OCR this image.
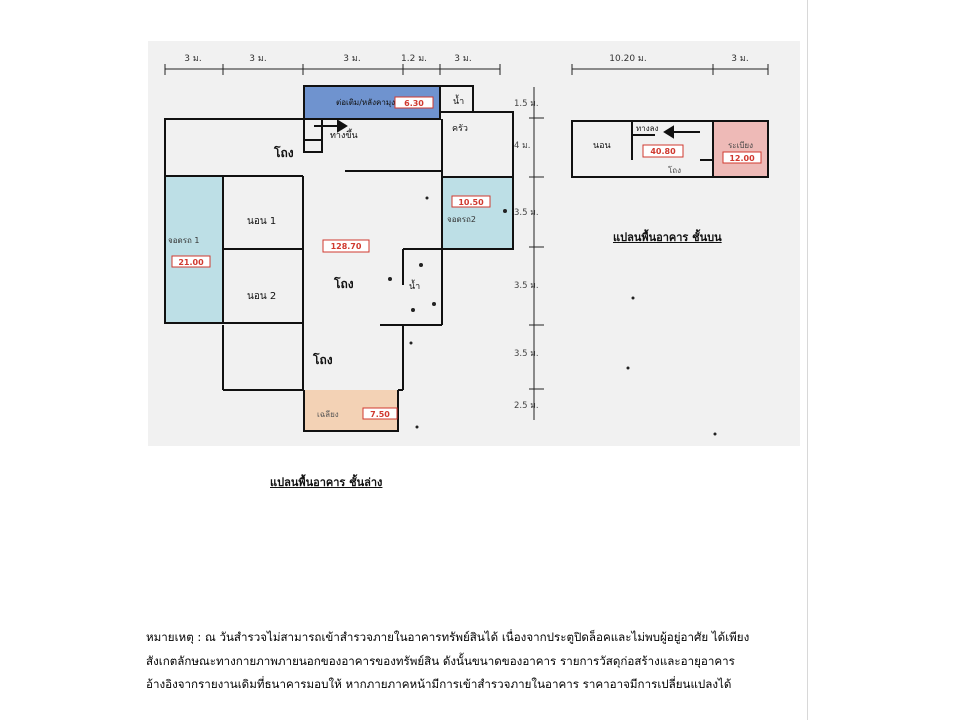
3 ม.	3 ม.	3 ม.	1.2 ม.	3 ม.
1.5 ม.
4 ม.
3.5 ม.
3.5 ม.
3.5 ม.
2.5 ม.
ต่อเติม/หลังคามุง	น้ำ
ครัว
ทางขึ้น
โถง
จอดรถ 1
นอน 1
นอน 2
โถง	น้ำ
จอดรถ2
โถง
เฉลียง
6.30
21.00
128.70
10.50
7.50
10.20 ม.	3 ม.
นอน
ทางลง
โถง
ระเบียง
40.80
12.00
แปลนพื้นอาคาร ชั้นบน
แปลนพื้นอาคาร ชั้นล่าง
หมายเหตุ : ณ วันสำรวจไม่สามารถเข้าสำรวจภายในอาคารทรัพย์สินได้ เนื่องจากประตูปิดล็อคและไม่พบผู้อยู่อาศัย ได้เพียง
สังเกตลักษณะทางกายภาพภายนอกของอาคารของทรัพย์สิน ดังนั้นขนาดของอาคาร รายการวัสดุก่อสร้างและอายุอาคาร
อ้างอิงจากรายงานเดิมที่ธนาคารมอบให้ หากภายภาคหน้ามีการเข้าสำรวจภายในอาคาร ราคาอาจมีการเปลี่ยนแปลงได้
